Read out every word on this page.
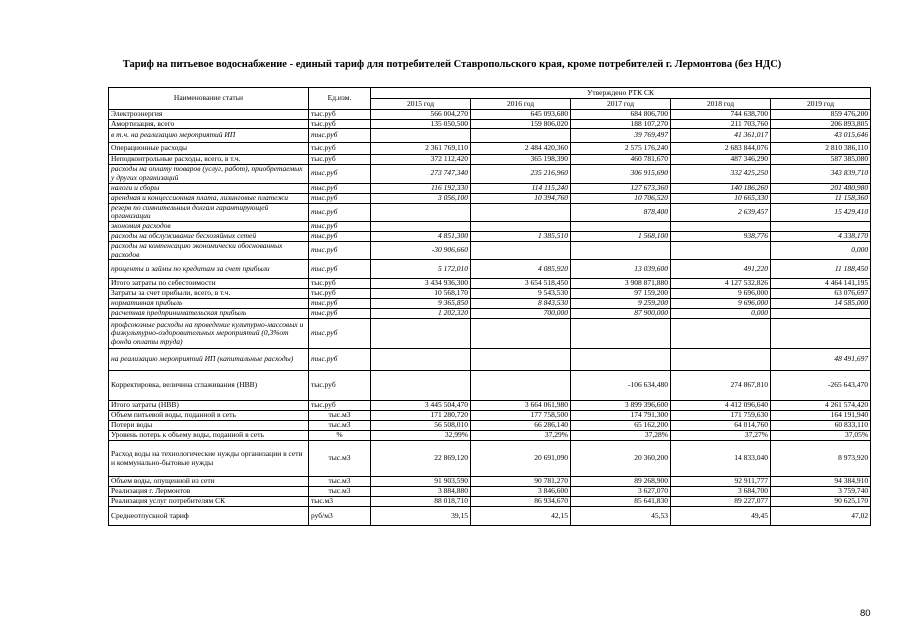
Тариф на питьевое водоснабжение - единый тариф для потребителей Ставропольского края, кроме потребителей г. Лермонтова (без НДС)
Наименование статьи	Ед.изм.	Утверждено РТК СК				
		2015 год	2016 год	2017 год	2018 год	2019 год
Электроэнергия	тыс.руб	566 004,270	645 093,680	684 806,700	744 638,700	859 476,200
Амортизация, всего	тыс.руб	135 050,500	159 806,020	188 107,270	211 703,760	206 893,805
в т.ч. на реализацию мероприятий ИП	тыс.руб			39 769,497	41 361,017	43 015,646
Операционные расходы	тыс.руб	2 361 769,110	2 484 420,360	2 575 176,240	2 683 844,076	2 810 386,110
Неподконтрольные расходы, всего, в т.ч.	тыс.руб	372 112,420	365 198,390	460 781,670	487 346,290	587 385,080
расходы на оплату товаров (услуг, работ), приобретаемых у других организаций	тыс.руб	273 747,340	235 216,960	306 915,690	332 425,250	343 839,710
налоги и сборы	тыс.руб	116 192,330	114 115,240	127 673,360	140 186,260	201 480,980
арендная и концессионная плата, лизинговые платежи	тыс.руб	3 056,100	10 394,760	10 706,520	10 665,330	11 158,360
резерв по сомнительным долгам гарантирующей организации	тыс.руб			878,400	2 639,457	15 429,410
экономия расходов	тыс.руб					
расходы на обслуживание бесхозяйных сетей	тыс.руб	4 851,300	1 385,510	1 568,100	938,776	4 338,170
расходы на компенсацию экономически обоснованных расходов	тыс.руб	-30 906,660				0,000
проценты и займы по кредитам за счет прибыли	тыс.руб	5 172,010	4 085,920	13 039,600	491,220	11 188,450
Итого затраты по себестоимости	тыс.руб	3 434 936,300	3 654 518,450	3 908 871,880	4 127 532,826	4 464 141,195
Затраты за счет прибыли, всего, в т.ч.	тыс.руб	10 568,170	9 543,530	97 159,200	9 696,000	63 076,697
нормативная прибыль	тыс.руб	9 365,850	8 843,530	9 259,200	9 696,000	14 585,000
расчетная предпринимательская прибыль	тыс.руб	1 202,320	700,000	87 900,000	0,000	
профсоюзные расходы на проведение культурно-массовых и физкультурно-оздоровительных мероприятий (0,3%от фонда оплаты труда)	тыс.руб					
на реализацию мероприятий ИП (капитальные расходы)	тыс.руб					48 491,697
Корректировка, величина сглаживания (НВВ)	тыс.руб			-106 634,480	274 867,810	-265 643,470
Итого затраты (НВВ)	тыс.руб	3 445 504,470	3 664 061,980	3 899 396,600	4 412 096,640	4 261 574,420
Объем питьевой воды, поданной в сеть	тыс.м3	171 280,720	177 758,500	174 791,300	171 759,630	164 191,940
Потери воды	тыс.м3	56 508,010	66 286,140	65 162,200	64 014,760	60 833,110
Уровень потерь к объему воды, поданной в сеть	%	32,99%	37,29%	37,28%	37,27%	37,05%
Расход воды на технологические нужды организации в сети и коммунально-бытовые нужды	тыс.м3	22 869,120	20 691,090	20 360,200	14 833,040	8 973,920
Объем воды, опущенной из сети	тыс.м3	91 903,590	90 781,270	89 268,900	92 911,777	94 384,910
Реализация г. Лермонтов	тыс.м3	3 884,880	3 846,600	3 627,070	3 684,700	3 759,740
Реализация услуг потребителям СК	тыс.м3	88 018,710	86 934,670	85 641,830	89 227,077	90 625,170
Среднеотпускной тариф	руб/м3	39,15	42,15	45,53	49,45	47,02
80
